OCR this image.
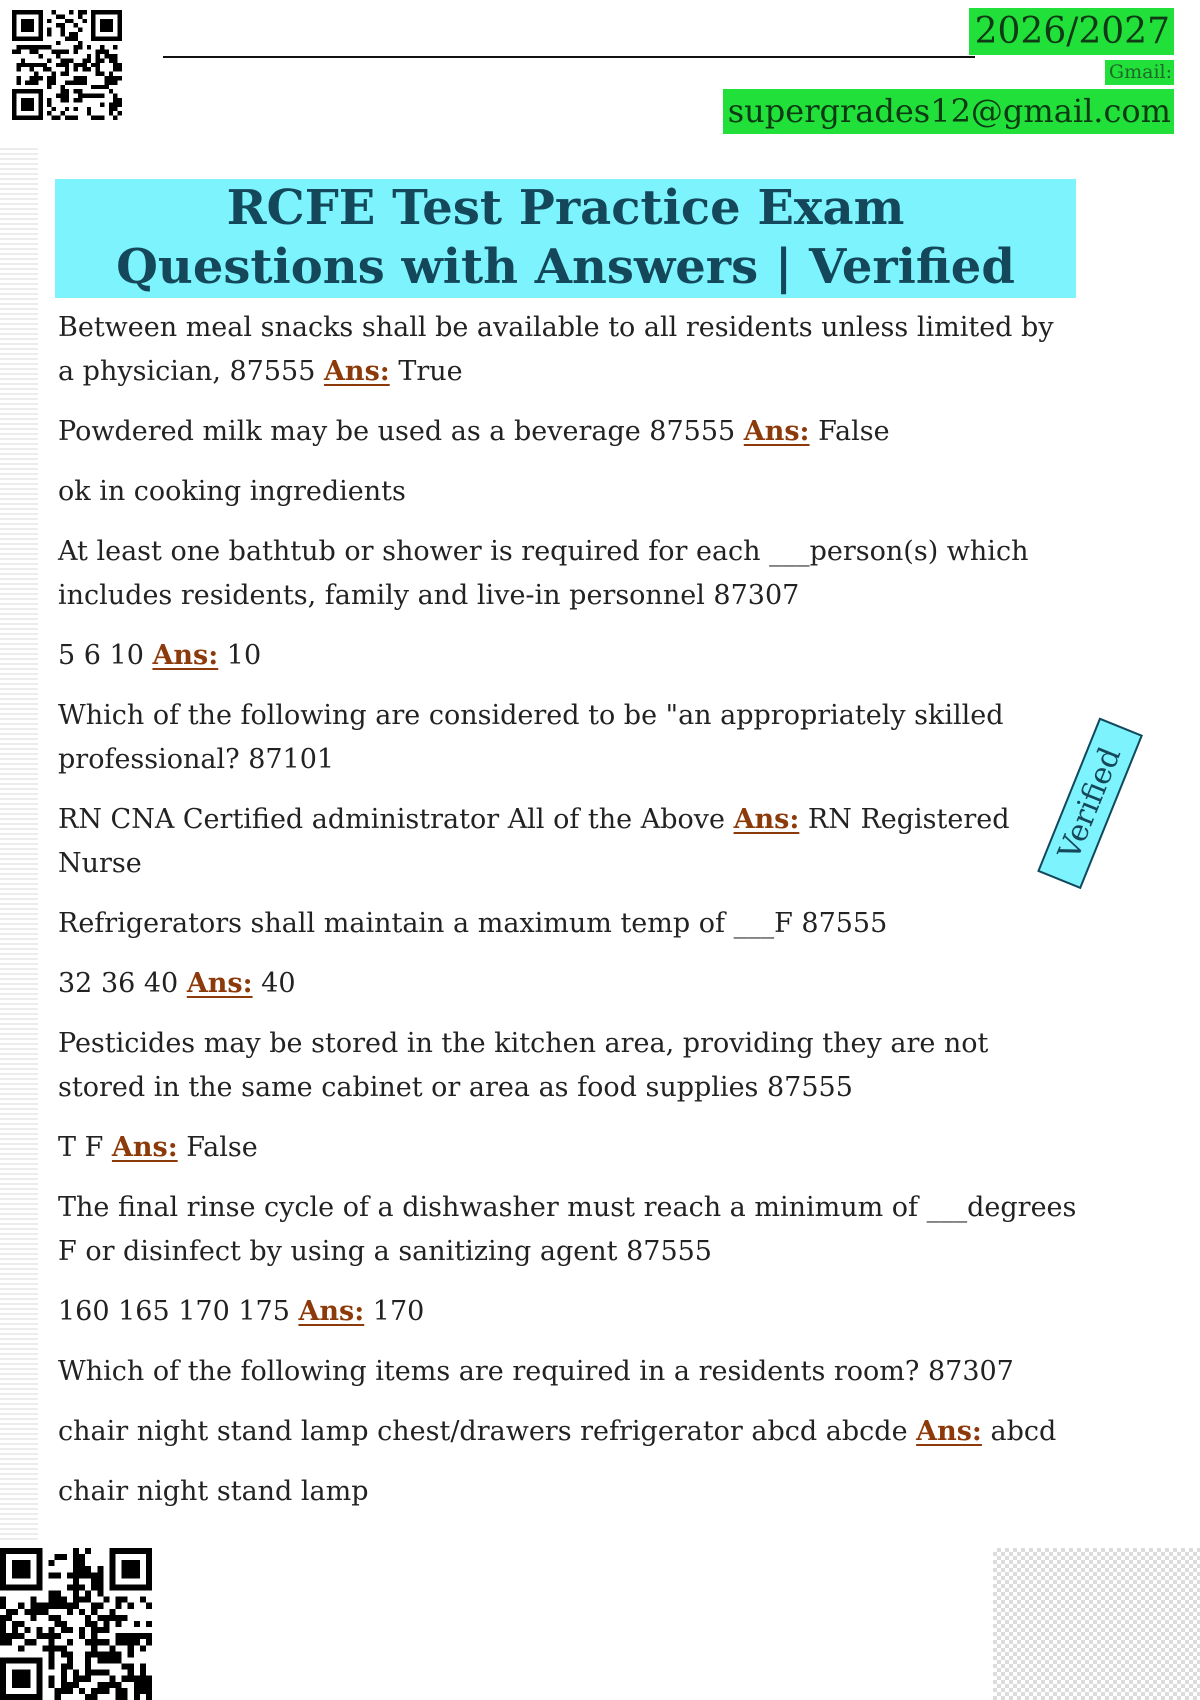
2026/2027
Gmail:
supergrades12@gmail.com
RCFE Test Practice Exam
Questions with Answers | Verified
Between meal snacks shall be available to all residents unless limited by a physician, 87555 Ans: True
Powdered milk may be used as a beverage 87555 Ans: False
ok in cooking ingredients
At least one bathtub or shower is required for each ___person(s) which includes residents, family and live-in personnel 87307
5 6 10 Ans: 10
Which of the following are considered to be "an appropriately skilled professional? 87101
RN CNA Certified administrator All of the Above Ans: RN Registered Nurse
Refrigerators shall maintain a maximum temp of ___F 87555
32 36 40 Ans: 40
Pesticides may be stored in the kitchen area, providing they are not stored in the same cabinet or area as food supplies 87555
T F Ans: False
The final rinse cycle of a dishwasher must reach a minimum of ___degrees F or disinfect by using a sanitizing agent 87555
160 165 170 175 Ans: 170
Which of the following items are required in a residents room? 87307
chair night stand lamp chest/drawers refrigerator abcd abcde Ans: abcd
chair night stand lamp
Verified
